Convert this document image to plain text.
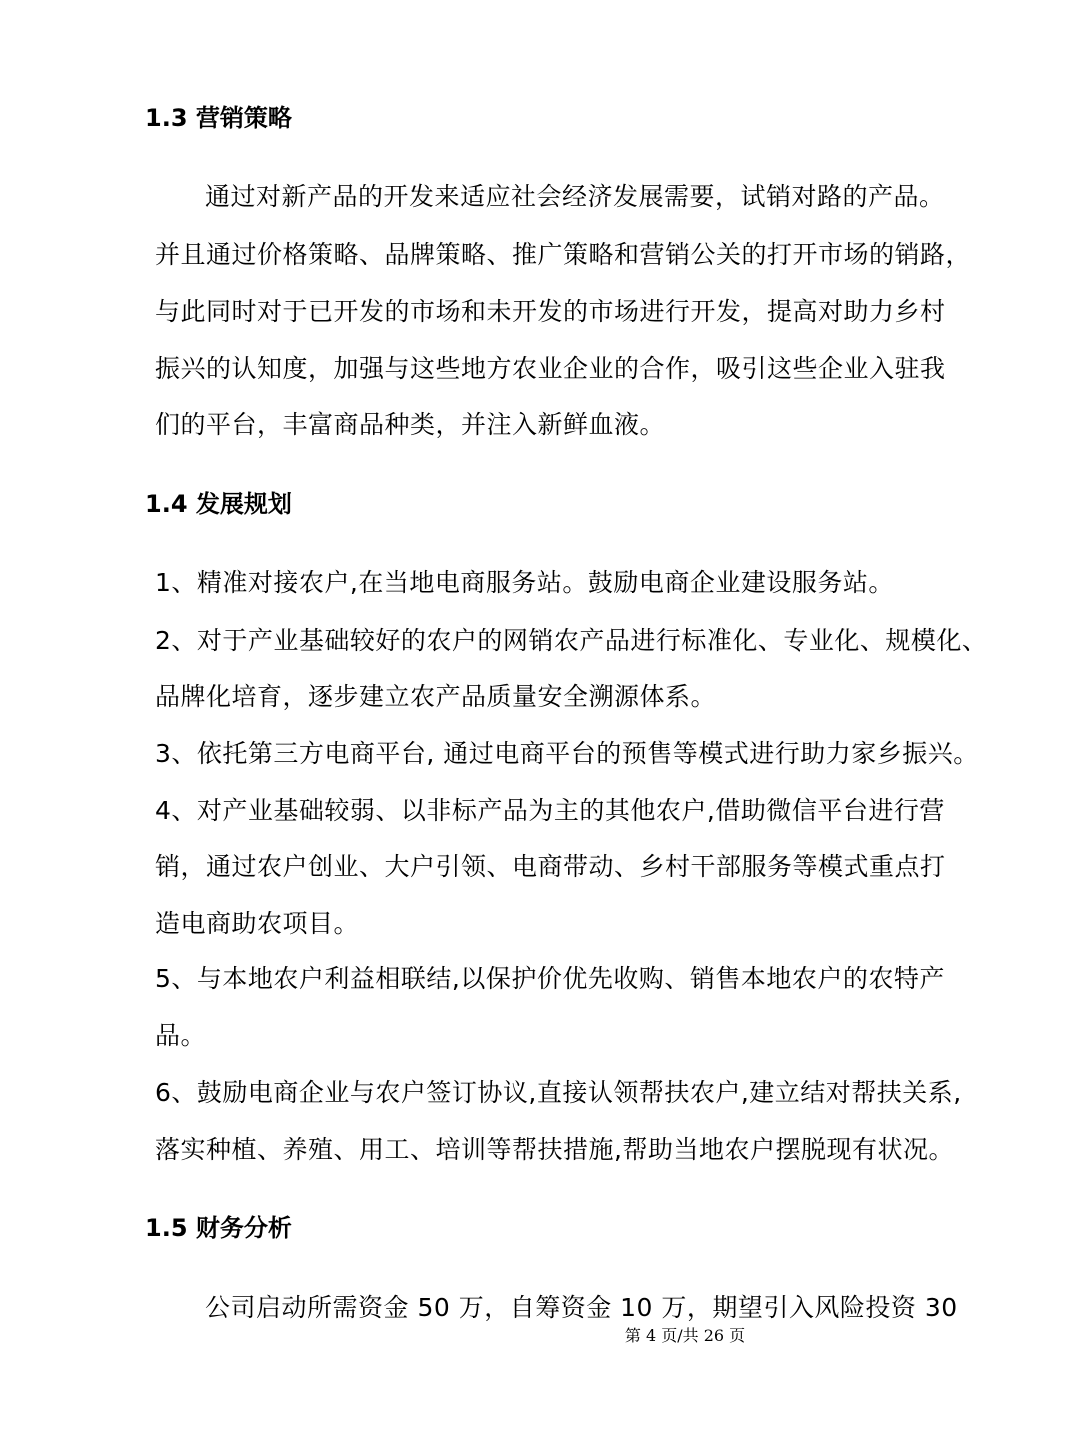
1.3 营销策略
通过对新产品的开发来适应社会经济发展需要，试销对路的产品。
并且通过价格策略、品牌策略、推广策略和营销公关的打开市场的销路，
与此同时对于已开发的市场和未开发的市场进行开发，提高对助力乡村
振兴的认知度，加强与这些地方农业企业的合作，吸引这些企业入驻我
们的平台，丰富商品种类，并注入新鲜血液。
1.4 发展规划
1、精准对接农户,在当地电商服务站。鼓励电商企业建设服务站。
2、对于产业基础较好的农户的网销农产品进行标准化、专业化、规模化、
品牌化培育，逐步建立农产品质量安全溯源体系。
3、依托第三方电商平台, 通过电商平台的预售等模式进行助力家乡振兴。
4、对产业基础较弱、以非标产品为主的其他农户,借助微信平台进行营
销，通过农户创业、大户引领、电商带动、乡村干部服务等模式重点打
造电商助农项目。
5、与本地农户利益相联结,以保护价优先收购、销售本地农户的农特产
品。
6、鼓励电商企业与农户签订协议,直接认领帮扶农户,建立结对帮扶关系,
落实种植、养殖、用工、培训等帮扶措施,帮助当地农户摆脱现有状况。
1.5 财务分析
公司启动所需资金 50 万，自筹资金 10 万，期望引入风险投资 30
第 4 页/共 26 页
